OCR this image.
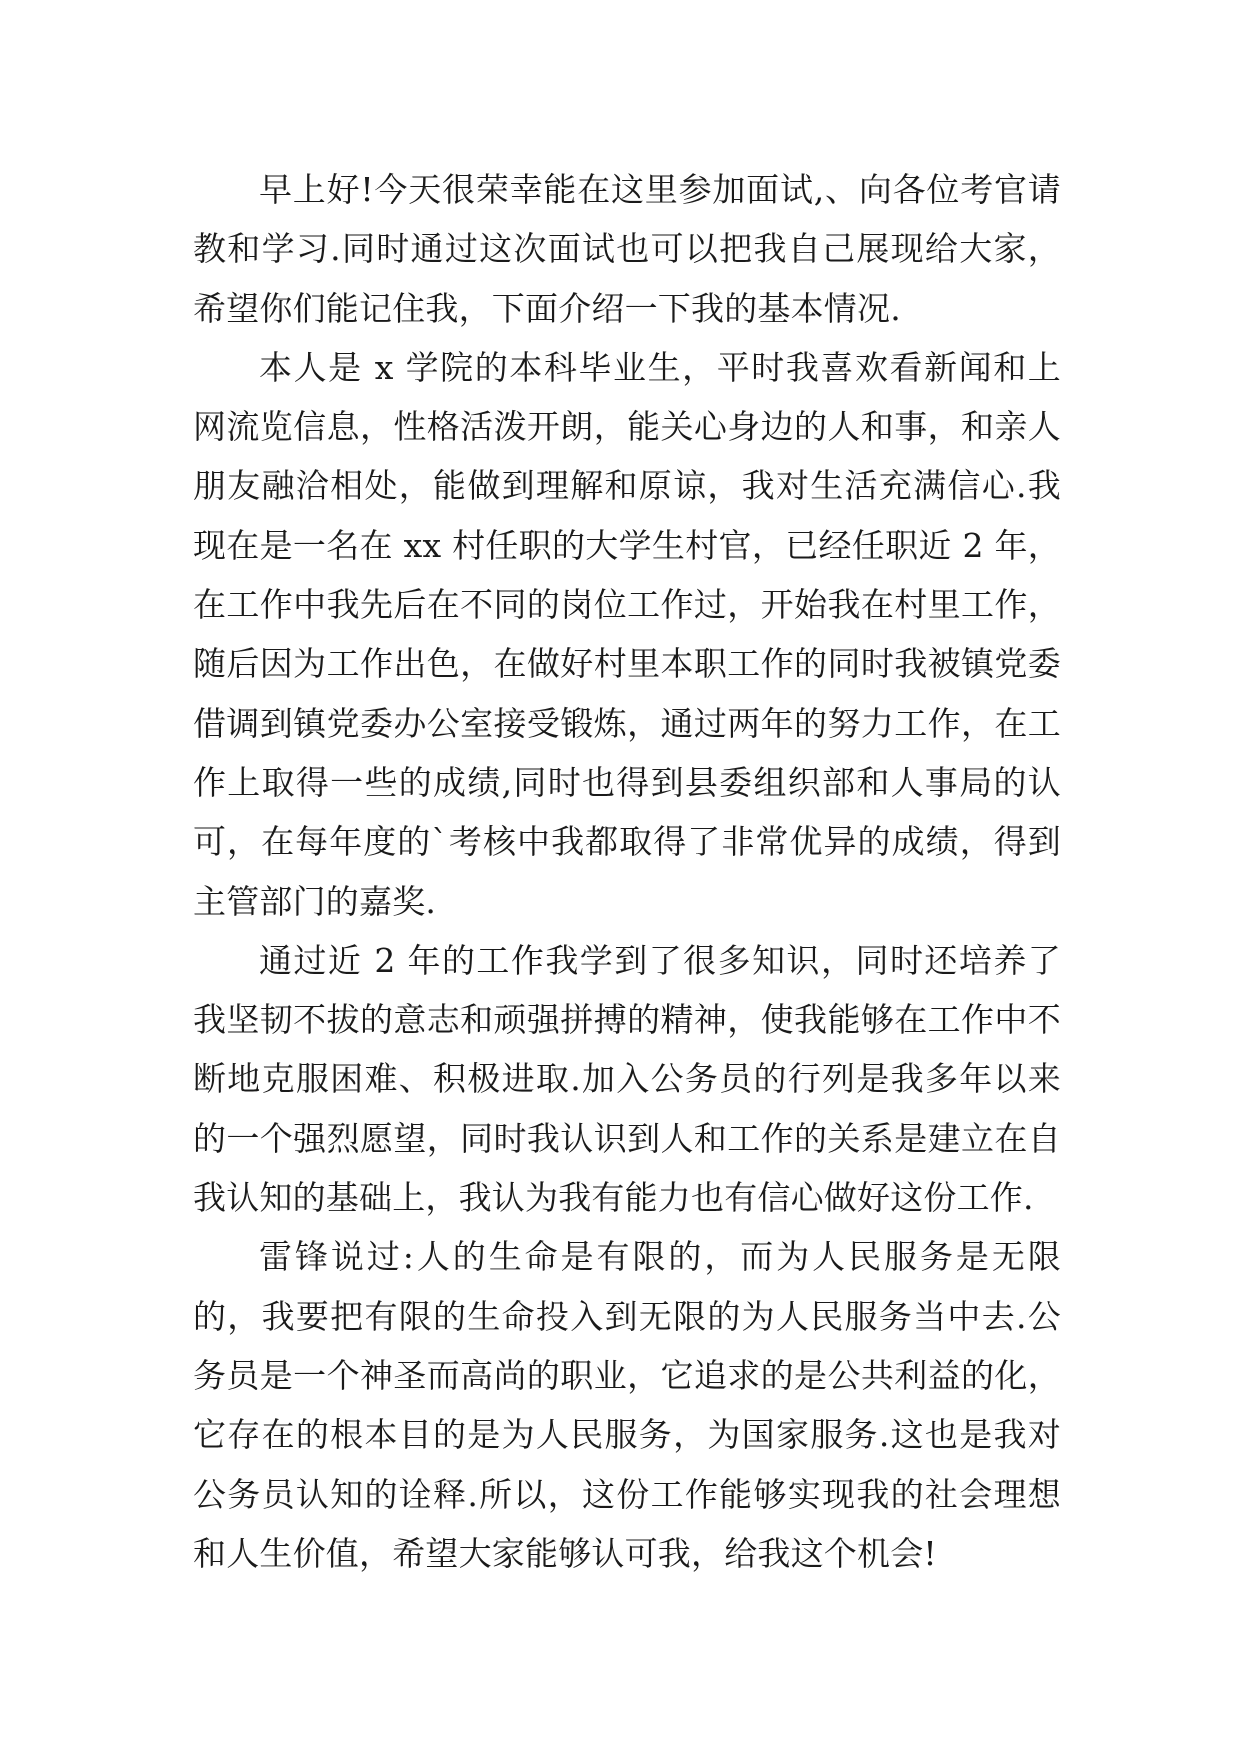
早上好!今天很荣幸能在这里参加面试,、向各位考官请教和学习.同时通过这次面试也可以把我自己展现给大家，希望你们能记住我，下面介绍一下我的基本情况.

本人是 x 学院的本科毕业生，平时我喜欢看新闻和上网流览信息，性格活泼开朗，能关心身边的人和事，和亲人朋友融洽相处，能做到理解和原谅，我对生活充满信心.我现在是一名在 xx 村任职的大学生村官，已经任职近 2 年，在工作中我先后在不同的岗位工作过，开始我在村里工作，随后因为工作出色，在做好村里本职工作的同时我被镇党委借调到镇党委办公室接受锻炼，通过两年的努力工作，在工作上取得一些的成绩,同时也得到县委组织部和人事局的认可，在每年度的`考核中我都取得了非常优异的成绩，得到主管部门的嘉奖.

通过近 2 年的工作我学到了很多知识，同时还培养了我坚韧不拔的意志和顽强拼搏的精神，使我能够在工作中不断地克服困难、积极进取.加入公务员的行列是我多年以来的一个强烈愿望，同时我认识到人和工作的关系是建立在自我认知的基础上，我认为我有能力也有信心做好这份工作.

雷锋说过:人的生命是有限的，而为人民服务是无限的，我要把有限的生命投入到无限的为人民服务当中去.公务员是一个神圣而高尚的职业，它追求的是公共利益的化，它存在的根本目的是为人民服务，为国家服务.这也是我对公务员认知的诠释.所以，这份工作能够实现我的社会理想和人生价值，希望大家能够认可我，给我这个机会!
